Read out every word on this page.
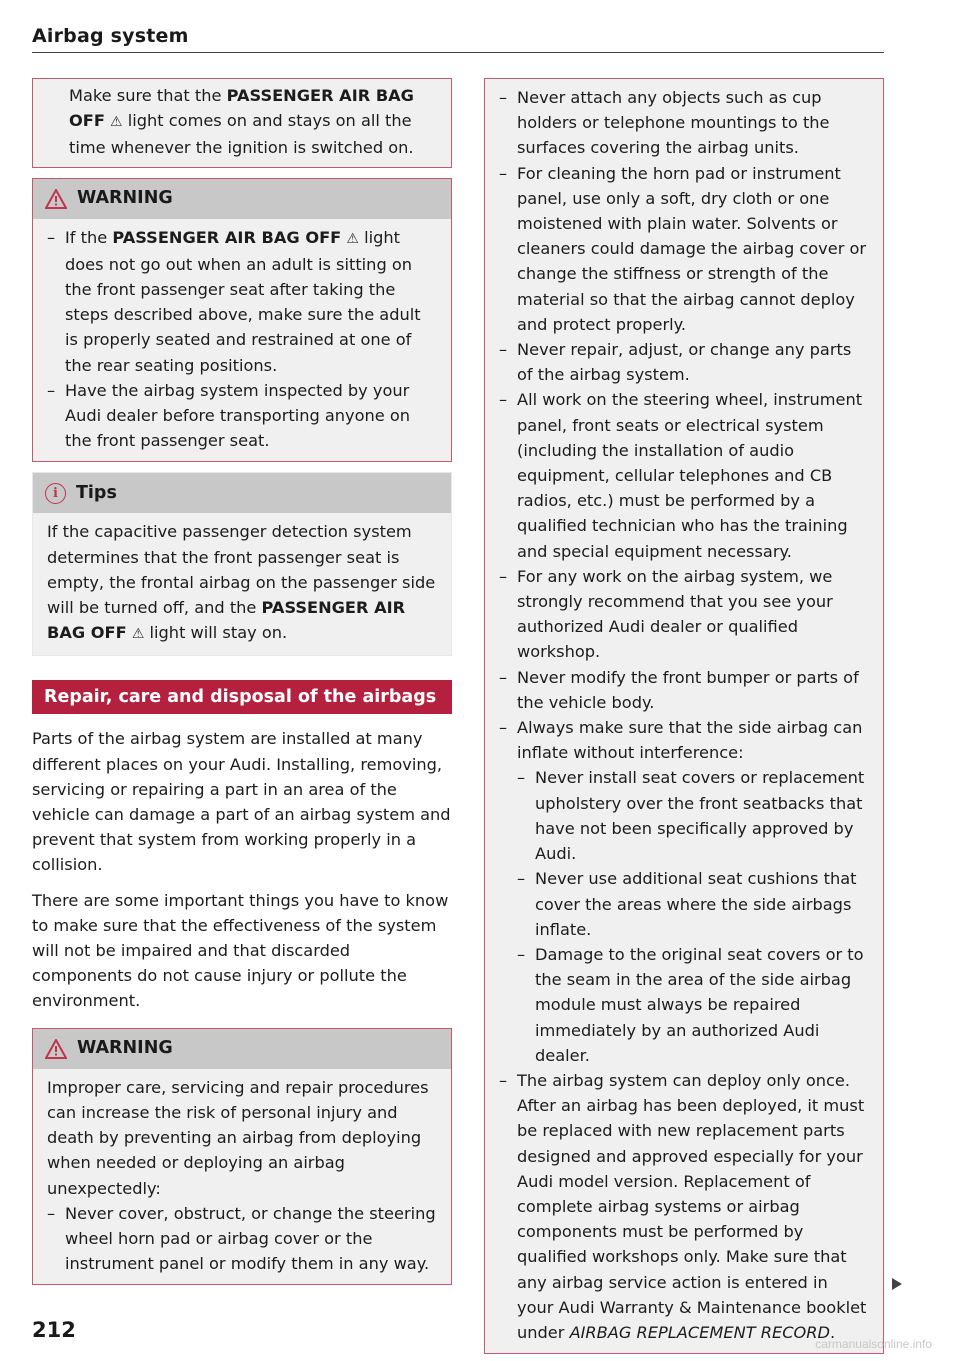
Airbag system
Make sure that the PASSENGER AIR BAG OFF ⚠ light comes on and stays on all the time whenever the ignition is switched on.
WARNING
– If the PASSENGER AIR BAG OFF ⚠ light does not go out when an adult is sitting on the front passenger seat after taking the steps described above, make sure the adult is properly seated and restrained at one of the rear seating positions.
– Have the airbag system inspected by your Audi dealer before transporting anyone on the front passenger seat.
i	Tips
If the capacitive passenger detection system determines that the front passenger seat is empty, the frontal airbag on the passenger side will be turned off, and the PASSENGER AIR BAG OFF ⚠ light will stay on.
Repair, care and disposal of the airbags

Parts of the airbag system are installed at many different places on your Audi. Installing, removing, servicing or repairing a part in an area of the vehicle can damage a part of an airbag system and prevent that system from working properly in a collision.

There are some important things you have to know to make sure that the effectiveness of the system will not be impaired and that discarded components do not cause injury or pollute the environment.

WARNING
Improper care, servicing and repair procedures can increase the risk of personal injury and death by preventing an airbag from deploying when needed or deploying an airbag unexpectedly:
– Never cover, obstruct, or change the steering wheel horn pad or airbag cover or the instrument panel or modify them in any way.
– Never attach any objects such as cup holders or telephone mountings to the surfaces covering the airbag units.
– For cleaning the horn pad or instrument panel, use only a soft, dry cloth or one moistened with plain water. Solvents or cleaners could damage the airbag cover or change the stiffness or strength of the material so that the airbag cannot deploy and protect properly.
– Never repair, adjust, or change any parts of the airbag system.
– All work on the steering wheel, instrument panel, front seats or electrical system (including the installation of audio equipment, cellular telephones and CB radios, etc.) must be performed by a qualified technician who has the training and special equipment necessary.
– For any work on the airbag system, we strongly recommend that you see your authorized Audi dealer or qualified workshop.
– Never modify the front bumper or parts of the vehicle body.
– Always make sure that the side airbag can inflate without interference:
– Never install seat covers or replacement upholstery over the front seatbacks that have not been specifically approved by Audi.
– Never use additional seat cushions that cover the areas where the side airbags inflate.
– Damage to the original seat covers or to the seam in the area of the side airbag module must always be repaired immediately by an authorized Audi dealer.
– The airbag system can deploy only once. After an airbag has been deployed, it must be replaced with new replacement parts designed and approved especially for your Audi model version. Replacement of complete airbag systems or airbag components must be performed by qualified workshops only. Make sure that any airbag service action is entered in your Audi Warranty & Maintenance booklet under AIRBAG REPLACEMENT RECORD.
212
carmanualsonline.info
